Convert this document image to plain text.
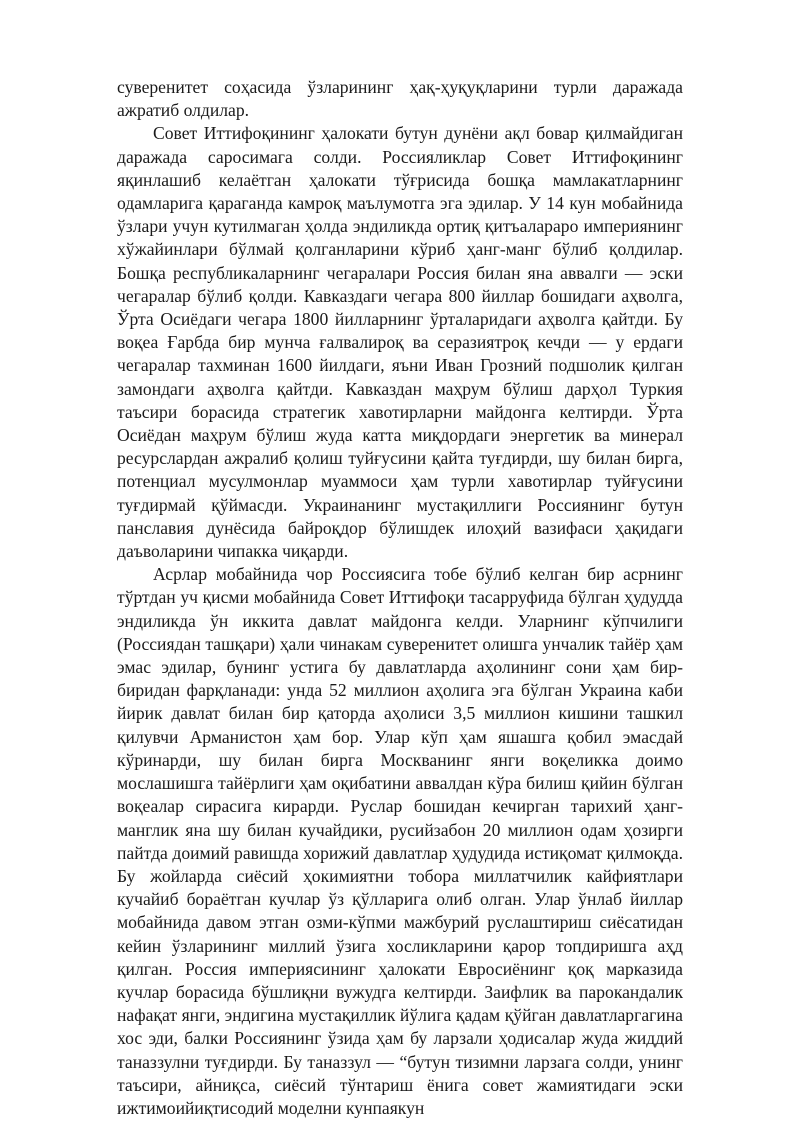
суверенитет соҳасида ўзларининг ҳақ-ҳуқуқларини турли даражада ажратиб олдилар.

Совет Иттифоқининг ҳалокати бутун дунёни ақл бовар қилмайдиган даражада саросимага солди. Россияликлар Совет Иттифоқининг яқинлашиб келаётган ҳалокати тўғрисида бошқа мамлакатларнинг одамларига қараганда камроқ маълумотга эга эдилар. У 14 кун мобайнида ўзлари учун кутилмаган ҳолда эндиликда ортиқ қитъалараро империянинг хўжайинлари бўлмай қолганларини кўриб ҳанг-манг бўлиб қолдилар. Бошқа республикаларнинг чегаралари Россия билан яна аввалги — эски чегаралар бўлиб қолди. Кавказдаги чегара 800 йиллар бошидаги аҳволга, Ўрта Осиёдаги чегара 1800 йилларнинг ўрталаридаги аҳволга қайтди. Бу воқеа Ғарбда бир мунча ғалвалироқ ва серазиятроқ кечди — у ердаги чегаралар тахминан 1600 йилдаги, яъни Иван Грозний подшолик қилган замондаги аҳволга қайтди. Кавказдан маҳрум бўлиш дарҳол Туркия таъсири борасида стратегик хавотирларни майдонга келтирди. Ўрта Осиёдан маҳрум бўлиш жуда катта миқдордаги энергетик ва минерал ресурслардан ажралиб қолиш туйғусини қайта туғдирди, шу билан бирга, потенциал мусулмонлар муаммоси ҳам турли хавотирлар туйғусини туғдирмай қўймасди. Украинанинг мустақиллиги Россиянинг бутун панславия дунёсида байроқдор бўлишдек илоҳий вазифаси ҳақидаги даъволарини чипакка чиқарди.

Асрлар мобайнида чор Россиясига тобе бўлиб келган бир асрнинг тўртдан уч қисми мобайнида Совет Иттифоқи тасарруфида бўлган ҳудудда эндиликда ўн иккита давлат майдонга келди. Уларнинг кўпчилиги (Россиядан ташқари) ҳали чинакам суверенитет олишга унчалик тайёр ҳам эмас эдилар, бунинг устига бу давлатларда аҳолининг сони ҳам бир-биридан фарқланади: унда 52 миллион аҳолига эга бўлган Украина каби йирик давлат билан бир қаторда аҳолиси 3,5 миллион кишини ташкил қилувчи Арманистон ҳам бор. Улар кўп ҳам яшашга қобил эмасдай кўринарди, шу билан бирга Москванинг янги воқеликка доимо мослашишга тайёрлиги ҳам оқибатини аввалдан кўра билиш қийин бўлган воқеалар сирасига кирарди. Руслар бошидан кечирган тарихий ҳанг-манглик яна шу билан кучайдики, русийзабон 20 миллион одам ҳозирги пайтда доимий равишда хорижий давлатлар ҳудудида истиқомат қилмоқда. Бу жойларда сиёсий ҳокимиятни тобора миллатчилик кайфиятлари кучайиб бораётган кучлар ўз қўлларига олиб олган. Улар ўнлаб йиллар мобайнида давом этган озми-кўпми мажбурий руслаштириш сиёсатидан кейин ўзларининг миллий ўзига хосликларини қарор топдиришга аҳд қилган. Россия империясининг ҳалокати Евросиёнинг қоқ марказида кучлар борасида бўшлиқни вужудга келтирди. Заифлик ва парокандалик нафақат янги, эндигина мустақиллик йўлига қадам қўйган давлатларгагина хос эди, балки Россиянинг ўзида ҳам бу ларзали ҳодисалар жуда жиддий таназзулни туғдирди. Бу таназзул — “бутун тизимни ларзага солди, унинг таъсири, айниқса, сиёсий тўнтариш ёнига совет жамиятидаги эски ижтимоийиқтисодий моделни кунпаякун
